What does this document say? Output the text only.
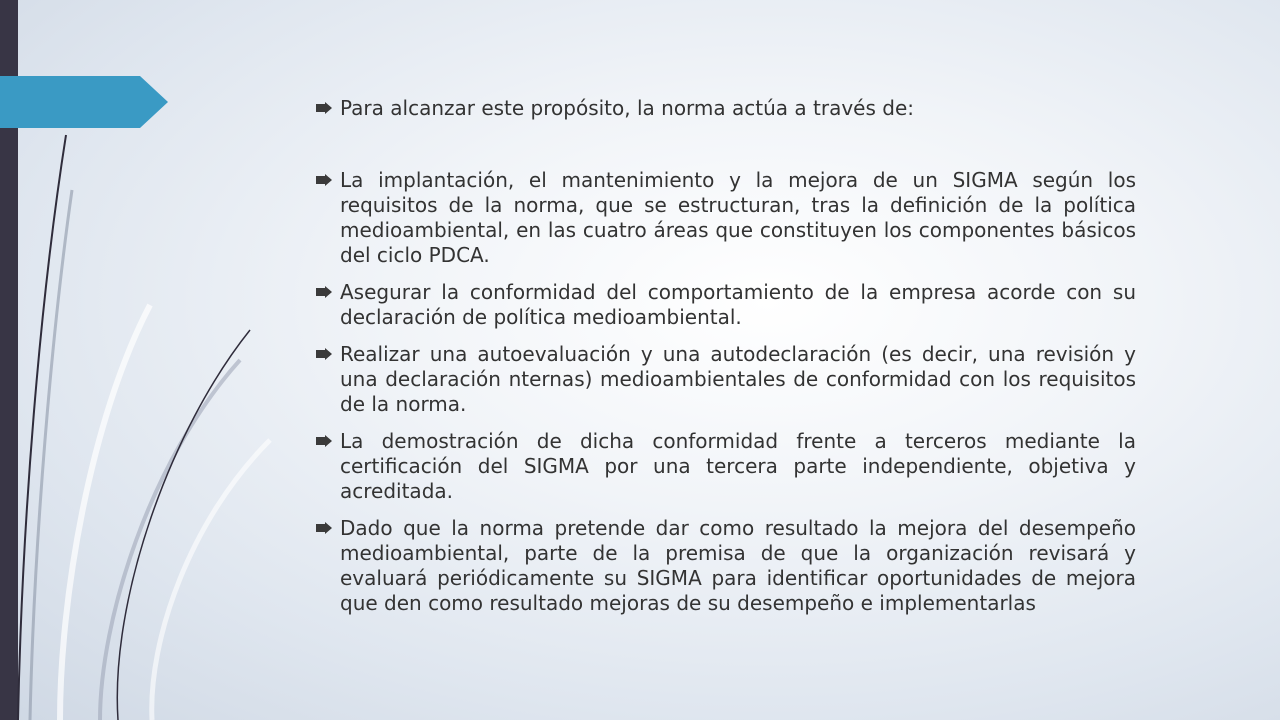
Para alcanzar este propósito, la norma actúa a través de:
La implantación, el mantenimiento y la mejora de un SIGMA según los requisitos de la norma, que se estructuran, tras la definición de la política medioambiental, en las cuatro áreas que constituyen los componentes básicos del ciclo PDCA.
Asegurar la conformidad del comportamiento de la empresa acorde con su declaración de política medioambiental.
Realizar una autoevaluación y una autodeclaración (es decir, una revisión y una declaración nternas) medioambientales de conformidad con los requisitos de la norma.
La demostración de dicha conformidad frente a terceros mediante la certificación del SIGMA por una tercera parte independiente, objetiva y acreditada.
Dado que la norma pretende dar como resultado la mejora del desempeño medioambiental, parte de la premisa de que la organización revisará y evaluará periódicamente su SIGMA para identificar oportunidades de mejora que den como resultado mejoras de su desempeño e implementarlas
